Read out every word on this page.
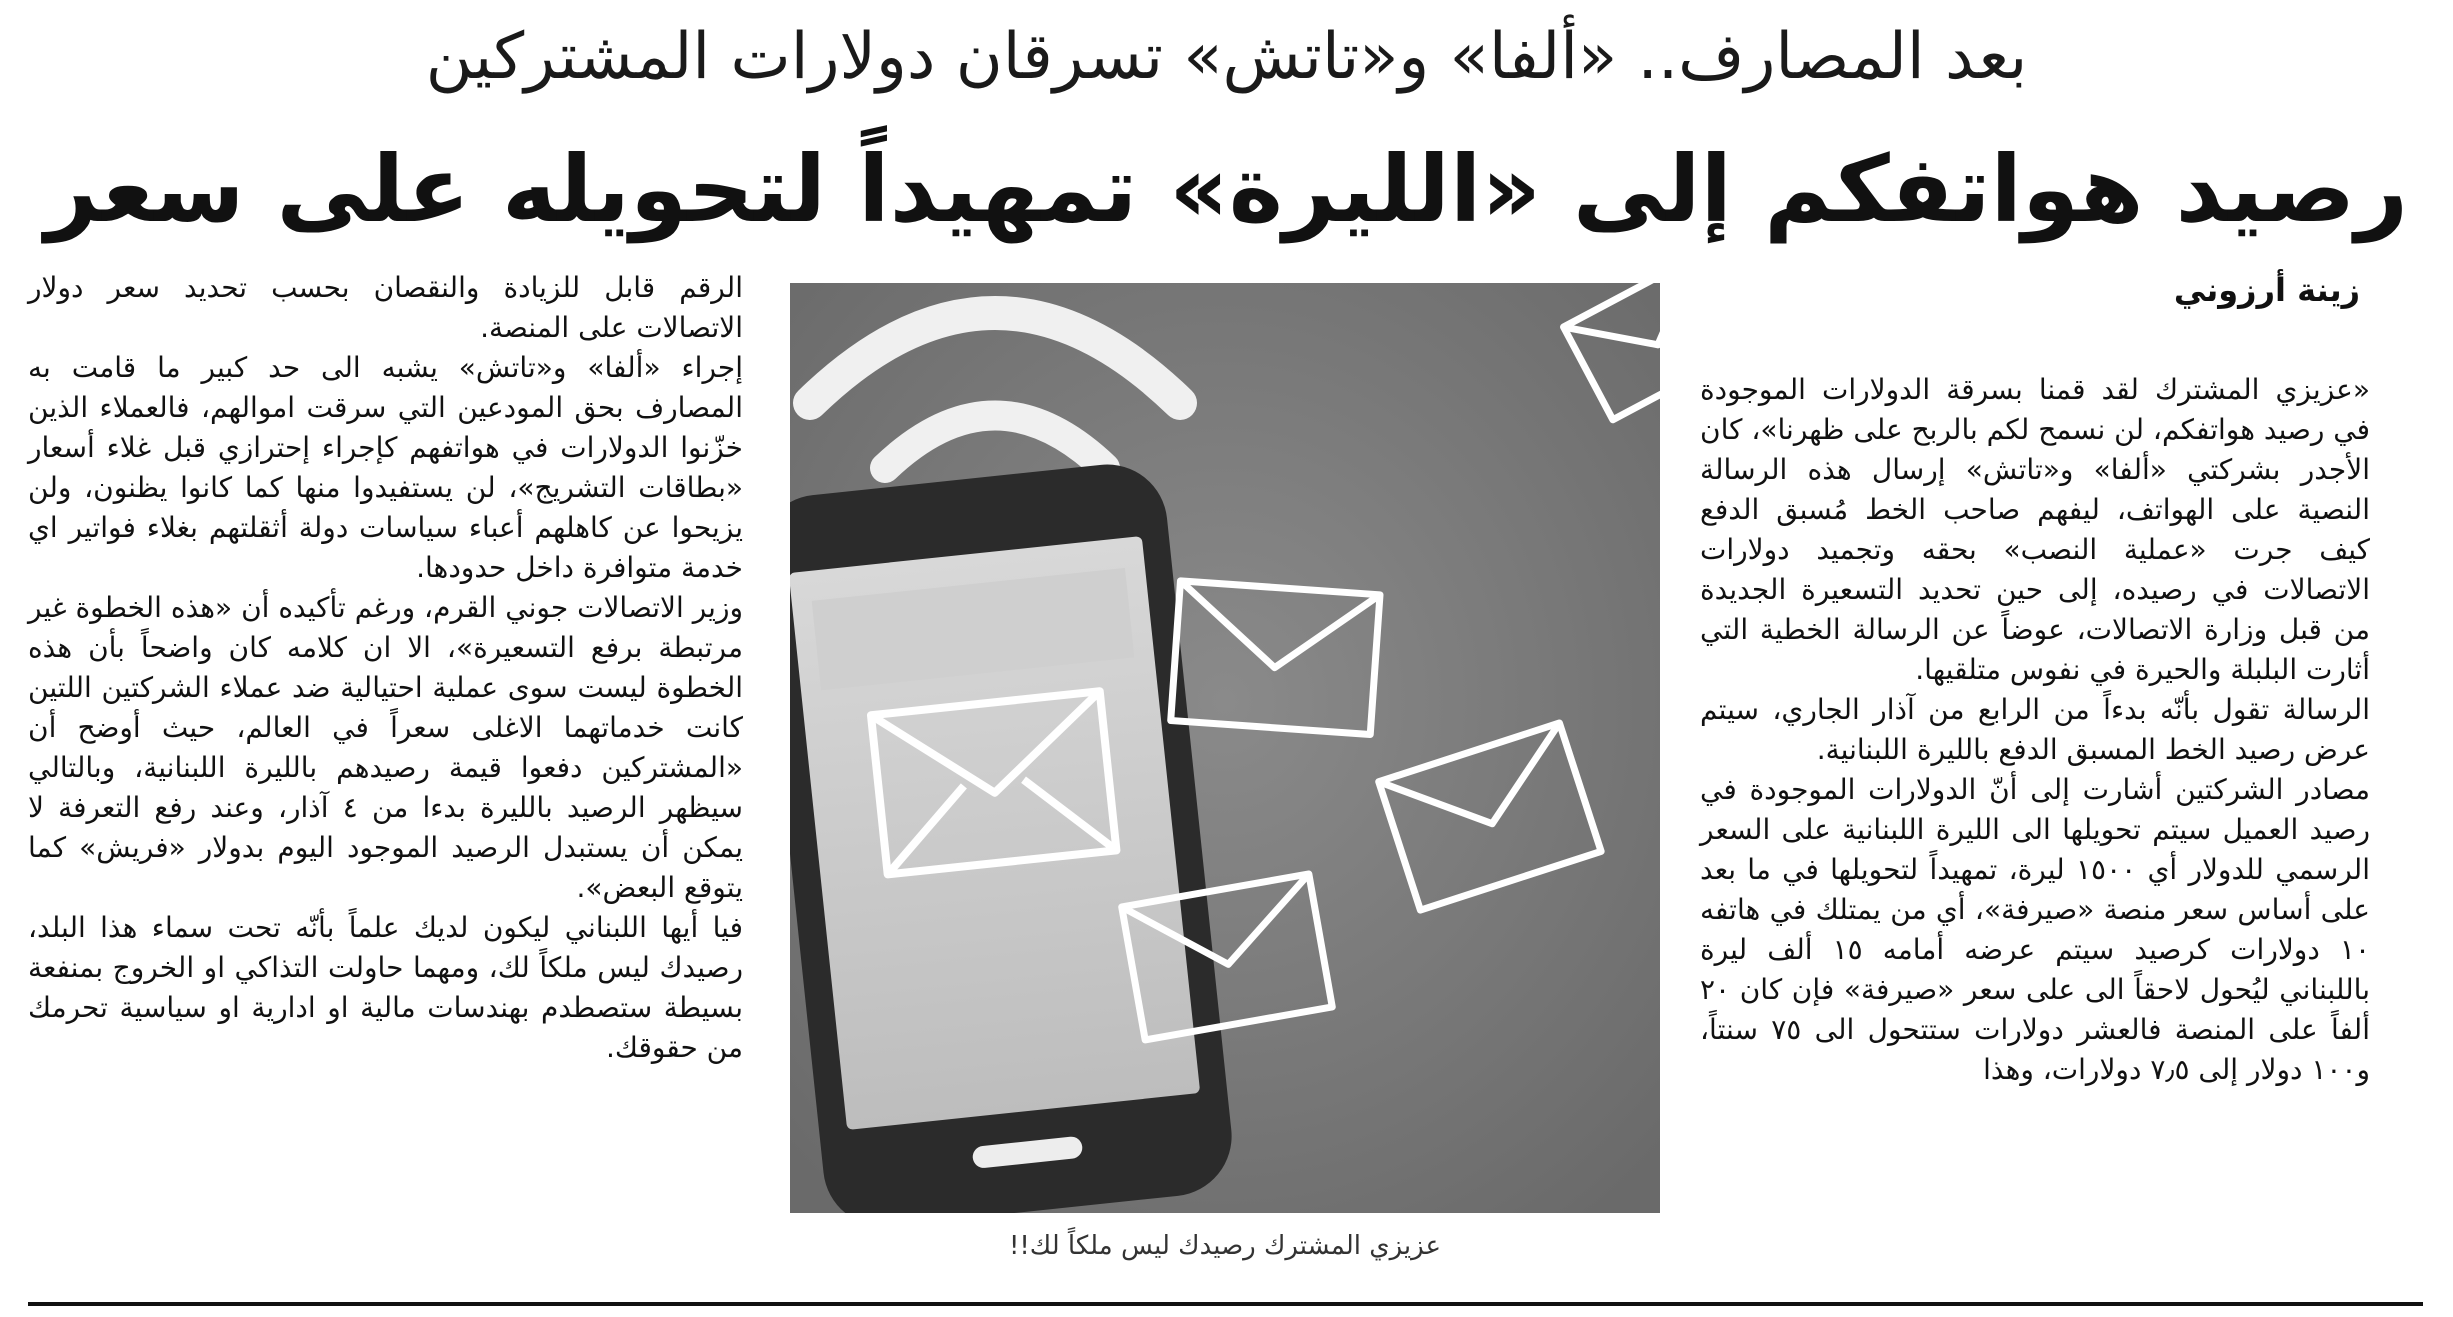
بعد المصارف.. «ألفا» و«تاتش» تسرقان دولارات المشتركين
رصيد هواتفكم إلى «الليرة» تمهيداً لتحويله على سعر
زينة أرزوني

«عزيزي المشترك لقد قمنا بسرقة الدولارات الموجودة في رصيد هواتفكم، لن نسمح لكم بالربح على ظهرنا»، كان الأجدر بشركتي «ألفا» و«تاتش» إرسال هذه الرسالة النصية على الهواتف، ليفهم صاحب الخط مُسبق الدفع كيف جرت «عملية النصب» بحقه وتجميد دولارات الاتصالات في رصيده، إلى حين تحديد التسعيرة الجديدة من قبل وزارة الاتصالات، عوضاً عن الرسالة الخطية التي أثارت البلبلة والحيرة في نفوس متلقيها.

الرسالة تقول بأنّه بدءاً من الرابع من آذار الجاري، سيتم عرض رصيد الخط المسبق الدفع بالليرة اللبنانية.

مصادر الشركتين أشارت إلى أنّ الدولارات الموجودة في رصيد العميل سيتم تحويلها الى الليرة اللبنانية على السعر الرسمي للدولار أي ١٥٠٠ ليرة، تمهيداً لتحويلها في ما بعد على أساس سعر منصة «صيرفة»، أي من يمتلك في هاتفه ١٠ دولارات كرصيد سيتم عرضه أمامه ١٥ ألف ليرة باللبناني ليُحول لاحقاً الى على سعر «صيرفة» فإن كان ٢٠ ألفاً على المنصة فالعشر دولارات ستتحول الى ٧٥ سنتاً، و١٠٠ دولار إلى ٧٫٥ دولارات، وهذا

عزيزي المشترك رصيدك ليس ملكاً لك!!

الرقم قابل للزيادة والنقصان بحسب تحديد سعر دولار الاتصالات على المنصة.

إجراء «ألفا» و«تاتش» يشبه الى حد كبير ما قامت به المصارف بحق المودعين التي سرقت اموالهم، فالعملاء الذين خزّنوا الدولارات في هواتفهم كإجراء إحترازي قبل غلاء أسعار «بطاقات التشريج»، لن يستفيدوا منها كما كانوا يظنون، ولن يزيحوا عن كاهلهم أعباء سياسات دولة أثقلتهم بغلاء فواتير اي خدمة متوافرة داخل حدودها.

وزير الاتصالات جوني القرم، ورغم تأكيده أن «هذه الخطوة غير مرتبطة برفع التسعيرة»، الا ان كلامه كان واضحاً بأن هذه الخطوة ليست سوى عملية احتيالية ضد عملاء الشركتين اللتين كانت خدماتهما الاغلى سعراً في العالم، حيث أوضح أن «المشتركين دفعوا قيمة رصيدهم بالليرة اللبنانية، وبالتالي سيظهر الرصيد بالليرة بدءا من ٤ آذار، وعند رفع التعرفة لا يمكن أن يستبدل الرصيد الموجود اليوم بدولار «فريش» كما يتوقع البعض».

فيا أيها اللبناني ليكون لديك علماً بأنّه تحت سماء هذا البلد، رصيدك ليس ملكاً لك، ومهما حاولت التذاكي او الخروج بمنفعة بسيطة ستصطدم بهندسات مالية او ادارية او سياسية تحرمك من حقوقك.
